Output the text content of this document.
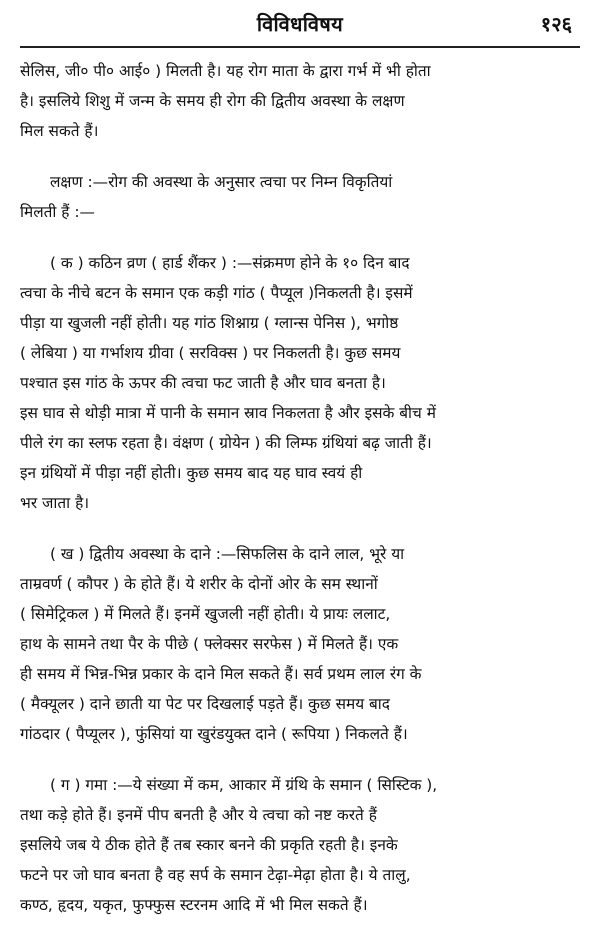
विविधविषय	१२६
सेलिस, जी० पी० आई० ) मिलती है। यह रोग माता के द्वारा गर्भ में भी होता
है। इसलिये शिशु में जन्म के समय ही रोग की द्वितीय अवस्था के लक्षण
मिल सकते हैं।
लक्षण :—रोग की अवस्था के अनुसार त्वचा पर निम्न विकृतियां
मिलती हैं :—
( क ) कठिन व्रण ( हार्ड शैंकर ) :—संक्रमण होने के १० दिन बाद
त्वचा के नीचे बटन के समान एक कड़ी गांठ ( पैप्यूल )निकलती है। इसमें
पीड़ा या खुजली नहीं होती। यह गांठ शिश्नाग्र ( ग्लान्स पेनिस ), भगोष्ठ
( लेबिया ) या गर्भाशय ग्रीवा ( सरविक्स ) पर निकलती है। कुछ समय
पश्चात इस गांठ के ऊपर की त्वचा फट जाती है और घाव बनता है।
इस घाव से थोड़ी मात्रा में पानी के समान स्राव निकलता है और इसके बीच में
पीले रंग का स्लफ रहता है। वंक्षण ( ग्रोयेन ) की लिम्फ ग्रंथियां बढ़ जाती हैं।
इन ग्रंथियों में पीड़ा नहीं होती। कुछ समय बाद यह घाव स्वयं ही
भर जाता है।
( ख ) द्वितीय अवस्था के दाने :—सिफलिस के दाने लाल, भूरे या
ताम्रवर्ण ( कौपर ) के होते हैं। ये शरीर के दोनों ओर के सम स्थानों
( सिमेट्रिकल ) में मिलते हैं। इनमें खुजली नहीं होती। ये प्रायः ललाट,
हाथ के सामने तथा पैर के पीछे ( फ्लेक्सर सरफेस ) में मिलते हैं। एक
ही समय में भिन्न-भिन्न प्रकार के दाने मिल सकते हैं। सर्व प्रथम लाल रंग के
( मैक्यूलर ) दाने छाती या पेट पर दिखलाई पड़ते हैं। कुछ समय बाद
गांठदार ( पैप्यूलर ), फुंसियां या खुरंडयुक्त दाने ( रूपिया ) निकलते हैं।
( ग ) गमा :—ये संख्या में कम, आकार में ग्रंथि के समान ( सिस्टिक ),
तथा कड़े होते हैं। इनमें पीप बनती है और ये त्वचा को नष्ट करते हैं
इसलिये जब ये ठीक होते हैं तब स्कार बनने की प्रकृति रहती है। इनके
फटने पर जो घाव बनता है वह सर्प के समान टेढ़ा-मेढ़ा होता है। ये तालु,
कण्ठ, हृदय, यकृत, फुफ्फुस स्टरनम आदि में भी मिल सकते हैं।
